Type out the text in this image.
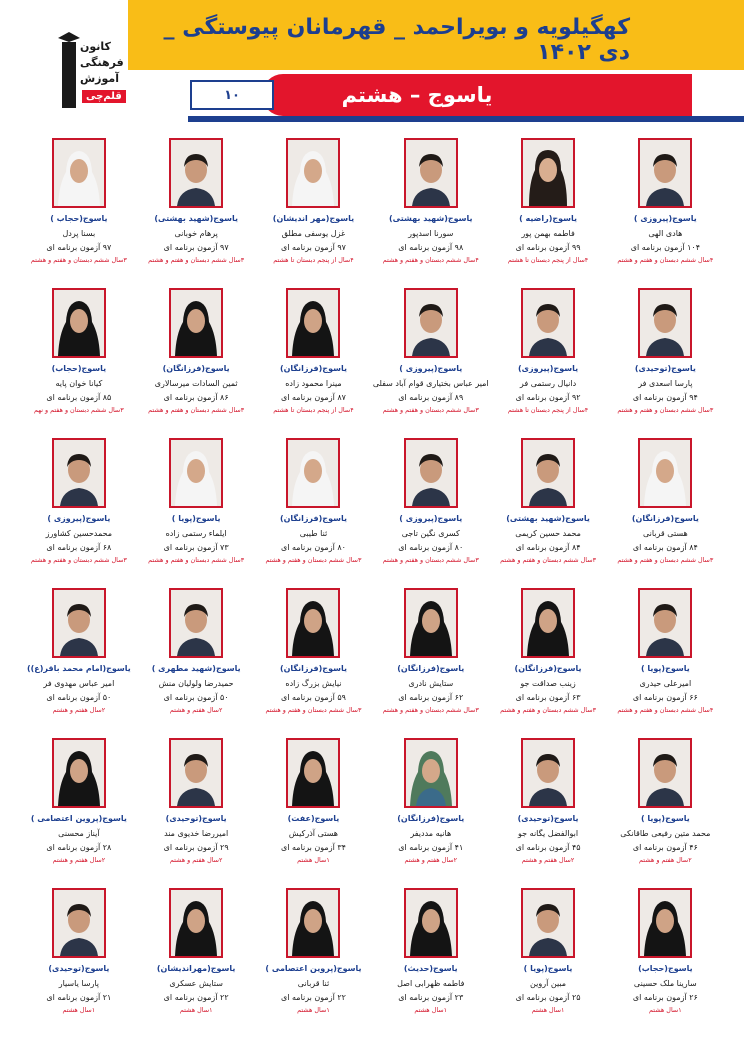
کهگیلویه و بویراحمد _ قهرمانان پیوستگی _ دی ۱۴۰۲
یاسوج – هشتم
۱۰
کانون
فرهنگی
آموزش
قلم‌چی
یاسوج(پیروزی )
هادی الهی
۱۰۴ آزمون برنامه ای
۴سال ششم دبستان و هفتم و هشتم
یاسوج(راضیه )
فاطمه بهمن پور
۹۹ آزمون برنامه ای
۴سال از پنجم دبستان تا هشتم
یاسوج(شهید بهشتی)
سورنا اسدپور
۹۸ آزمون برنامه ای
۴سال ششم دبستان و هفتم و هشتم
یاسوج(مهر اندیشان)
غزل یوسفی مطلق
۹۷ آزمون برنامه ای
۴سال از پنجم دبستان تا هشتم
یاسوج(شهید بهشتی)
پرهام خوبانی
۹۷ آزمون برنامه ای
۳سال ششم دبستان و هفتم و هشتم
یاسوج(حجاب )
بسنا پردل
۹۷ آزمون برنامه ای
۳سال ششم دبستان و هفتم و هشتم
یاسوج(توحیدی)
پارسا اسعدی فر
۹۴ آزمون برنامه ای
۳سال ششم دبستان و هفتم و هشتم
یاسوج(پیروزی)
دانیال رستمی فر
۹۲ آزمون برنامه ای
۴سال از پنجم دبستان تا هشتم
یاسوج(پیروزی )
امیر عباس بختیاری قوام آباد سفلی
۸۹ آزمون برنامه ای
۳سال ششم دبستان و هفتم و هشتم
یاسوج(فرزانگان)
مینرا محمود زاده
۸۷ آزمون برنامه ای
۴سال از پنجم دبستان تا هشتم
یاسوج(فرزانگان)
ثمین السادات میرسالاری
۸۶ آزمون برنامه ای
۳سال ششم دبستان و هفتم و هشتم
یاسوج(حجاب)
کیانا خوان پایه
۸۵ آزمون برنامه ای
۳سال ششم دبستان و هفتم و نهم
یاسوج(فرزانگان)
هستی قربانی
۸۴ آزمون برنامه ای
۳سال ششم دبستان و هفتم و هشتم
یاسوج(شهید بهشتی)
محمد حسین کریمی
۸۴ آزمون برنامه ای
۳سال ششم دبستان و هفتم و هشتم
یاسوج(پیروزی )
کسری نگین تاجی
۸۰ آزمون برنامه ای
۳سال ششم دبستان و هفتم و هشتم
یاسوج(فرزانگان)
ثنا طیبی
۸۰ آزمون برنامه ای
۳سال ششم دبستان و هفتم و هشتم
یاسوج(پویا )
ایلماء رستمی زاده
۷۳ آزمون برنامه ای
۳سال ششم دبستان و هفتم و هشتم
یاسوج(پیروزی )
محمدحسین کشاورز
۶۸ آزمون برنامه ای
۳سال ششم دبستان و هفتم و هشتم
یاسوج(پویا )
امیرعلی حیدری
۶۶ آزمون برنامه ای
۴سال ششم دبستان و هفتم و هشتم
یاسوج(فرزانگان)
زینب صداقت جو
۶۳ آزمون برنامه ای
۳سال ششم دبستان و هفتم و هشتم
یاسوج(فرزانگان)
ستایش نادری
۶۲ آزمون برنامه ای
۳سال ششم دبستان و هفتم و هشتم
یاسوج(فرزانگان)
نیایش بزرگ زاده
۵۹ آزمون برنامه ای
۳سال ششم دبستان و هفتم و هشتم
یاسوج(شهید مطهری )
حمیدرضا ولولیان منش
۵۰ آزمون برنامه ای
۲سال هفتم و هشتم
یاسوج(امام محمد باقر(ع))
امیر عباس مهدوی فر
۵۰ آزمون برنامه ای
۲سال هفتم و هشتم
یاسوج(پویا )
محمد متین رفیعی طاقانکی
۴۶ آزمون برنامه ای
۲سال هفتم و هشتم
یاسوج(توحیدی)
ابوالفضل یگانه جو
۴۵ آزمون برنامه ای
۲سال هفتم و هشتم
یاسوج(فرزانگان)
هانیه مددیفر
۴۱ آزمون برنامه ای
۲سال هفتم و هشتم
یاسوج(عفت)
هستی آذرکیش
۳۴ آزمون برنامه ای
۱سال هشتم
یاسوج(توحیدی)
امیررضا خدیوی مند
۲۹ آزمون برنامه ای
۲سال هفتم و هشتم
یاسوج(پروین اعتصامی )
آیناز محسنی
۲۸ آزمون برنامه ای
۲سال هفتم و هشتم
یاسوج(حجاب)
سارینا ملک حسینی
۲۶ آزمون برنامه ای
۱سال هشتم
یاسوج(پویا )
مبین آروین
۲۵ آزمون برنامه ای
۱سال هشتم
یاسوج(حدیث)
فاطمه ظهرابی اصل
۲۳ آزمون برنامه ای
۱سال هشتم
یاسوج(پروین اعتصامی )
ثنا قربانی
۲۲ آزمون برنامه ای
۱سال هشتم
یاسوج(مهراندیشان)
ستایش عسکری
۲۲ آزمون برنامه ای
۱سال هشتم
یاسوج(توحیدی)
پارسا یاسیار
۲۱ آزمون برنامه ای
۱سال هشتم
